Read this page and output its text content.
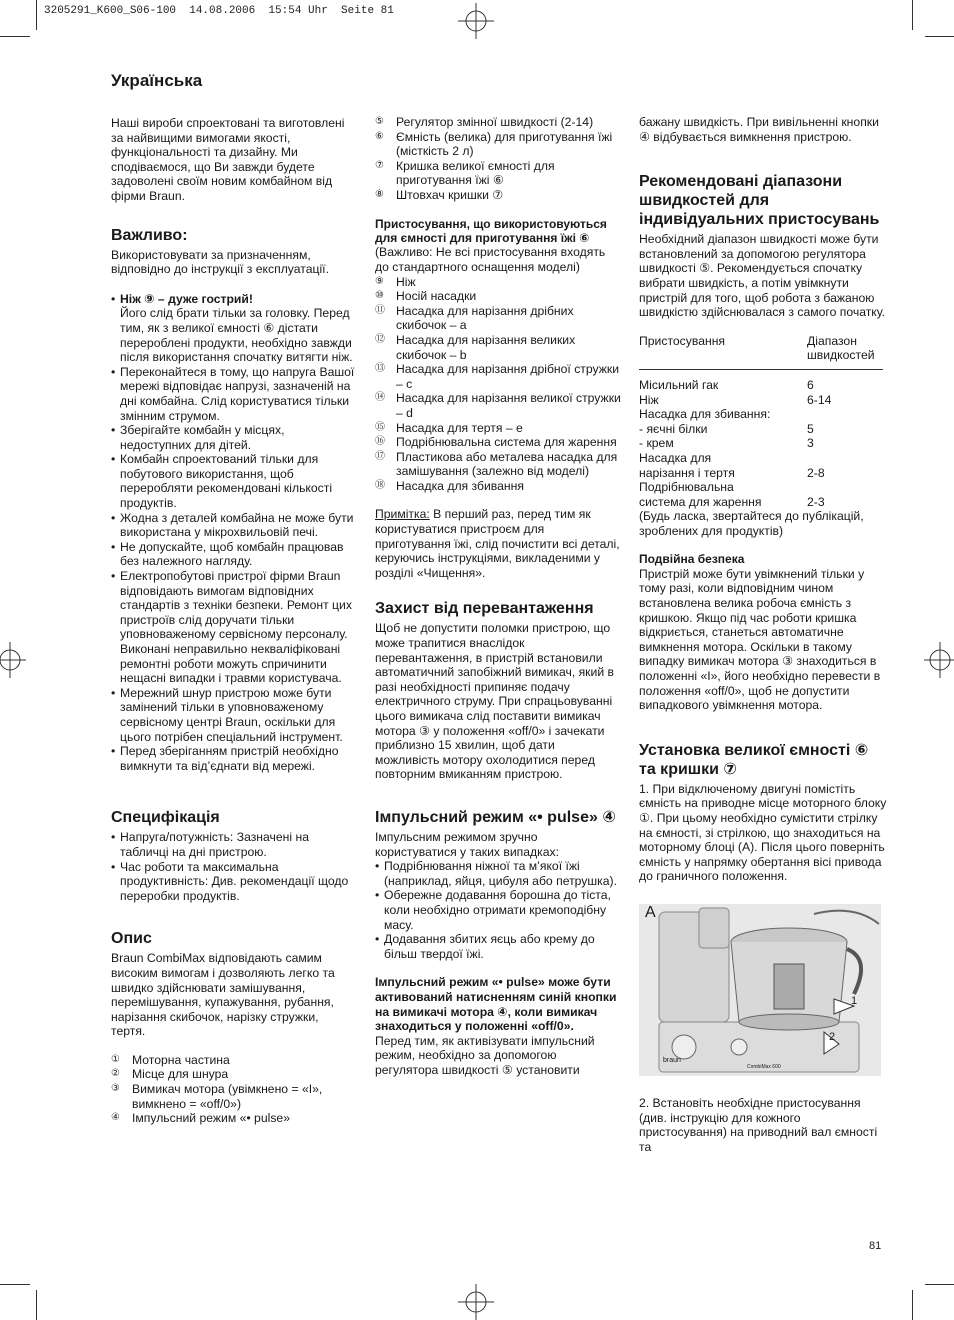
3205291_K600_S06-100  14.08.2006  15:54 Uhr  Seite 81
Українська

Наші вироби спроектовані та виготовлені за найвищими вимогами якості, функціональності та дизайну. Ми сподіваємося, що Ви завжди будете задоволені своїм новим комбайном від фірми Braun.

Важливо:

Використовувати за призначенням, відповідно до інструкції з експлуатації.

• Ніж ⑨ – дуже гострий!
Його слід брати тільки за головку. Перед тим, як з великої ємності ⑥ дістати перероблені продукти, необхідно завжди після використання спочатку витягти ніж.
• Переконайтеся в тому, що напруга Вашої мережі відповідає напрузі, зазначеній на дні комбайна. Слід користуватися тільки змінним струмом.
• Зберігайте комбайн у місцях, недоступних для дітей.
• Комбайн спроектований тільки для побутового використання, щоб переробляти рекомендовані кількості продуктів.
• Жодна з деталей комбайна не може бути використана у мікрохвильовій печі.
• Не допускайте, щоб комбайн працював без належного нагляду.
• Електропобутові пристрої фірми Braun відповідають вимогам відповідних стандартів з техніки безпеки. Ремонт цих пристроїв слід доручати тільки уповноваженому сервісному персоналу. Виконані неправильно некваліфіковані ремонтні роботи можуть спричинити нещасні випадки і травми користувача.
• Мережний шнур пристрою може бути замінений тільки в уповноваженому сервісному центрі Braun, оскільки для цього потрібен спеціальний інструмент.
• Перед зберіганням пристрій необхідно вимкнути та від’єднати від мережі.
Специфікація
• Напруга/потужність: Зазначені на табличці на дні пристрою.
• Час роботи та максимальна продуктивність: Див. рекомендації щодо переробки продуктів.
Опис

Braun CombiMax відповідають самим високим вимогам і дозволяють легко та швидко здійснювати замішування, перемішування, купажування, рубання, нарізання скибочок, нарізку стружки, тертя.

① Моторна частина
② Місце для шнура
③ Вимикач мотора (увімкнено = «I», вимкнено = «off/0»)
④ Імпульсний режим «• pulse»
⑤ Регулятор змінної швидкості (2-14)
⑥ Ємність (велика) для приготування їжі (місткість 2 л)
⑦ Кришка великої ємності для приготування їжі ⑥
⑧ Штовхач кришки ⑦
Пристосування, що використовуються для ємності для приготування їжі ⑥

(Важливо: Не всі пристосування входять до стандартного оснащення моделі)

⑨ Ніж
⑩ Носій насадки
⑪ Насадка для нарізання дрібних скибочок – a
⑫ Насадка для нарізання великих скибочок – b
⑬ Насадка для нарізання дрібної стружки – c
⑭ Насадка для нарізання великої стружки – d
⑮ Насадка для тертя – e
⑯ Подрібнювальна система для жарення
⑰ Пластикова або металева насадка для замішування (залежно від моделі)
⑱ Насадка для збивання

Примітка: В перший раз, перед тим як користуватися пристроєм для приготування їжі, слід почистити всі деталі, керуючись інструкціями, викладеними у розділі «Чищення».

Захист від перевантаження

Щоб не допустити поломки пристрою, що може трапитися внаслідок перевантаження, в пристрій встановили автоматичний запобіжний вимикач, який в разі необхідності припиняє подачу електричного струму. При спрацьовуванні цього вимикача слід поставити вимикач мотора ③ у положення «off/0» і зачекати приблизно 15 хвилин, щоб дати можливість мотору охолодитися перед повторним вмиканням пристрою.

Імпульсний режим «• pulse» ④

Імпульсним режимом зручно користуватися у таких випадках:

• Подрібнювання ніжної та м’якої їжі (наприклад, яйця, цибуля або петрушка).
• Обережне додавання борошна до тіста, коли необхідно отримати кремоподібну масу.
• Додавання збитих яєць або крему до більш твердої їжі.

Імпульсний режим «• pulse» може бути активований натисненням синій кнопки на вимикачі мотора ④, коли вимикач знаходиться у положенні «off/0».

Перед тим, як активізувати імпульсний режим, необхідно за допомогою регулятора швидкості ⑤ установити

бажану швидкість. При вивільненні кнопки ④ відбувається вимкнення пристрою.

Рекомендовані діапазони швидкостей для індивідуальних пристосувань

Необхідний діапазон швидкості може бути встановлений за допомогою регулятора швидкості ⑤. Рекомендується спочатку вибрати швидкість, а потім увімкнути пристрій для того, щоб робота з бажаною швидкістю здійснювалася з самого початку.

Пристосування	Діапазон швидкостей
Місильний гак	6
Ніж	6-14
Насадка для збивання:	
- яєчні білки	5
- крем	3
Насадка для нарізання і тертя	2-8
Подрібнювальна система для жарення	2-3

(Будь ласка, звертайтеся до публікацій, зроблених для продуктів)

Подвійна безпека

Пристрій може бути увімкнений тільки у тому разі, коли відповідним чином встановлена велика робоча ємність з кришкою. Якщо під час роботи кришка відкриється, станеться автоматичне вимкнення мотора. Оскільки в такому випадку вимикач мотора ③ знаходиться в положенні «I», його необхідно перевести в положення «off/0», щоб не допустити випадкового увімкнення мотора.

Установка великої ємності ⑥ та кришки ⑦

1. При відключеному двигуні помістіть ємність на приводне місце моторного блоку ①. При цьому необхідно сумістити стрілку на ємності, зі стрілкою, що знаходиться на моторному блоці (А). Після цього поверніть ємність у напрямку обертання вісі привода до граничного положення.

A
1
2
braun
CombiMax 600

2. Встановіть необхідне пристосування (див. інструкцію для кожного пристосування) на приводний вал ємності та

81
